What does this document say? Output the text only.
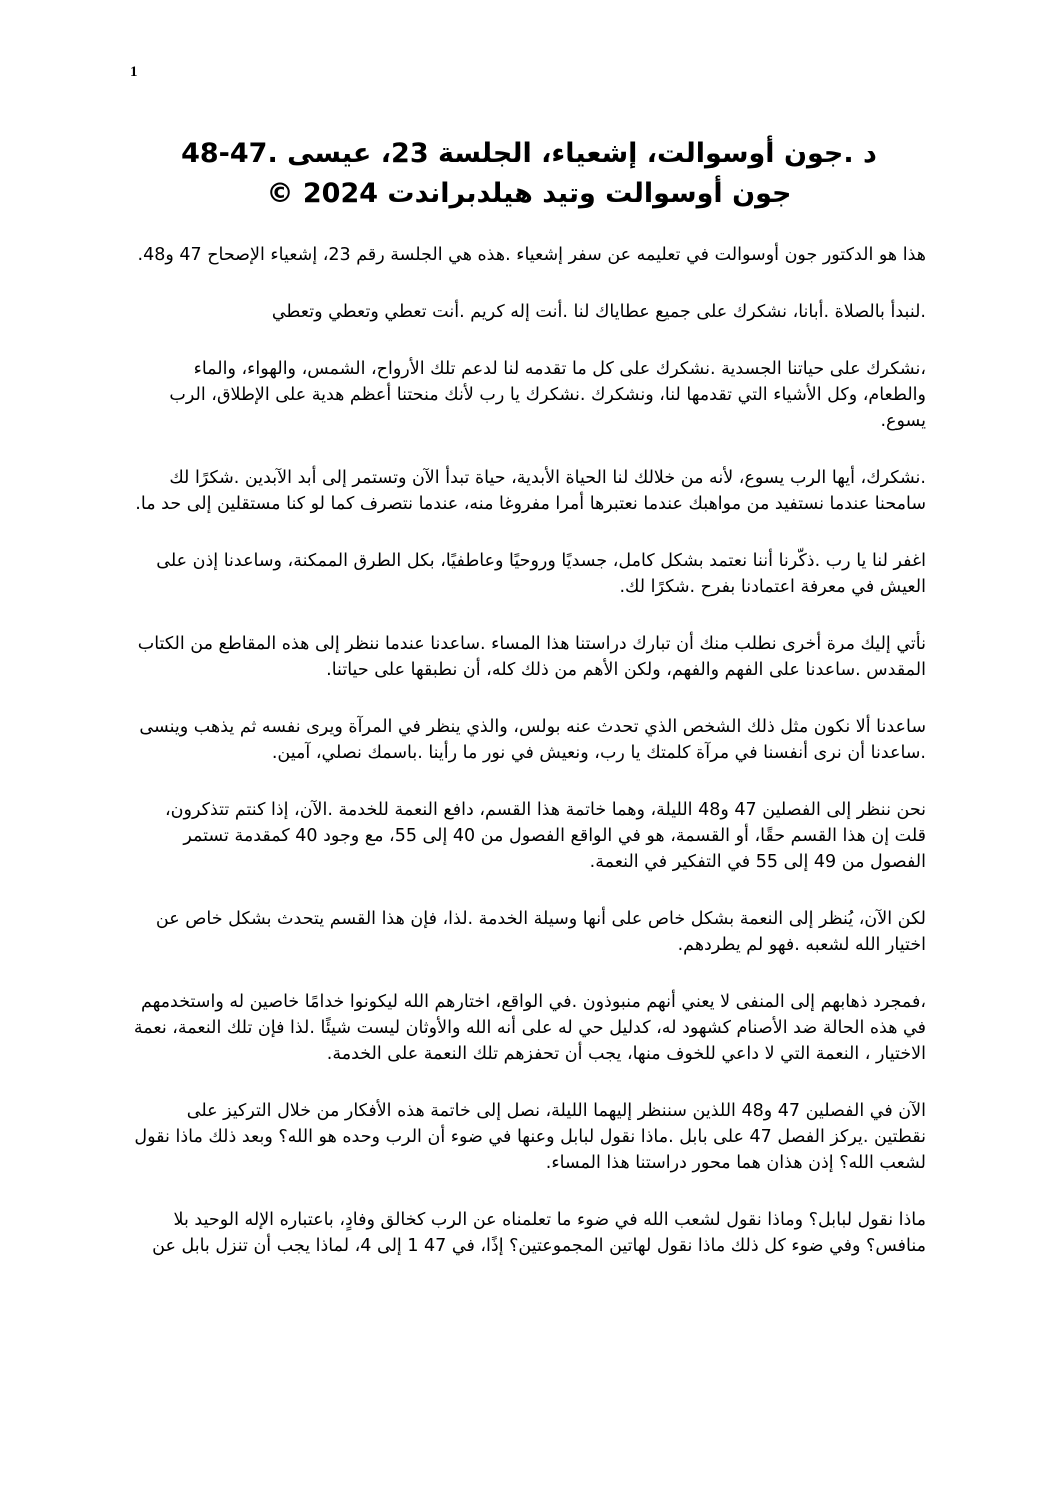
1
د .جون أوسوالت، إشعياء، الجلسة 23، عيسى .47-48
جون أوسوالت وتيد هيلدبراندت 2024 ©

هذا هو الدكتور جون أوسوالت في تعليمه عن سفر إشعياء .هذه هي الجلسة رقم 23، إشعياء الإصحاح 47 و48.

.لنبدأ بالصلاة .أبانا، نشكرك على جميع عطاياك لنا .أنت إله كريم .أنت تعطي وتعطي وتعطي

،نشكرك على حياتنا الجسدية .نشكرك على كل ما تقدمه لنا لدعم تلك الأرواح، الشمس، والهواء، والماء والطعام، وكل الأشياء التي تقدمها لنا، ونشكرك .نشكرك يا رب لأنك منحتنا أعظم هدية على الإطلاق، الرب يسوع.

.نشكرك، أيها الرب يسوع، لأنه من خلالك لنا الحياة الأبدية، حياة تبدأ الآن وتستمر إلى أبد الآبدين .شكرًا لك سامحنا عندما نستفيد من مواهبك عندما نعتبرها أمرا مفروغا منه، عندما نتصرف كما لو كنا مستقلين إلى حد ما.

اغفر لنا يا رب .ذكّرنا أننا نعتمد بشكل كامل، جسديًا وروحيًا وعاطفيًا، بكل الطرق الممكنة، وساعدنا إذن على العيش في معرفة اعتمادنا بفرح .شكرًا لك.

نأتي إليك مرة أخرى نطلب منك أن تبارك دراستنا هذا المساء .ساعدنا عندما ننظر إلى هذه المقاطع من الكتاب المقدس .ساعدنا على الفهم والفهم، ولكن الأهم من ذلك كله، أن نطبقها على حياتنا.

ساعدنا ألا نكون مثل ذلك الشخص الذي تحدث عنه بولس، والذي ينظر في المرآة ويرى نفسه ثم يذهب وينسى .ساعدنا أن نرى أنفسنا في مرآة كلمتك يا رب، ونعيش في نور ما رأينا .باسمك نصلي، آمين.

نحن ننظر إلى الفصلين 47 و48 الليلة، وهما خاتمة هذا القسم، دافع النعمة للخدمة .الآن، إذا كنتم تتذكرون، قلت إن هذا القسم حقًا، أو القسمة، هو في الواقع الفصول من 40 إلى 55، مع وجود 40 كمقدمة تستمر الفصول من 49 إلى 55 في التفكير في النعمة.

لكن الآن، يُنظر إلى النعمة بشكل خاص على أنها وسيلة الخدمة .لذا، فإن هذا القسم يتحدث بشكل خاص عن اختيار الله لشعبه .فهو لم يطردهم.

،فمجرد ذهابهم إلى المنفى لا يعني أنهم منبوذون .في الواقع، اختارهم الله ليكونوا خدامًا خاصين له واستخدمهم في هذه الحالة ضد الأصنام كشهود له، كدليل حي له على أنه الله والأوثان ليست شيئًا .لذا فإن تلك النعمة، نعمة الاختيار ، النعمة التي لا داعي للخوف منها، يجب أن تحفزهم تلك النعمة على الخدمة.

الآن في الفصلين 47 و48 اللذين سننظر إليهما الليلة، نصل إلى خاتمة هذه الأفكار من خلال التركيز على نقطتين .يركز الفصل 47 على بابل .ماذا نقول لبابل وعنها في ضوء أن الرب وحده هو الله؟ وبعد ذلك ماذا نقول لشعب الله؟ إذن هذان هما محور دراستنا هذا المساء.

ماذا نقول لبابل؟ وماذا نقول لشعب الله في ضوء ما تعلمناه عن الرب كخالق وفادٍ، باعتباره الإله الوحيد بلا منافس؟ وفي ضوء كل ذلك ماذا نقول لهاتين المجموعتين؟ إذًا، في 47 1 إلى 4، لماذا يجب أن تنزل بابل عن
